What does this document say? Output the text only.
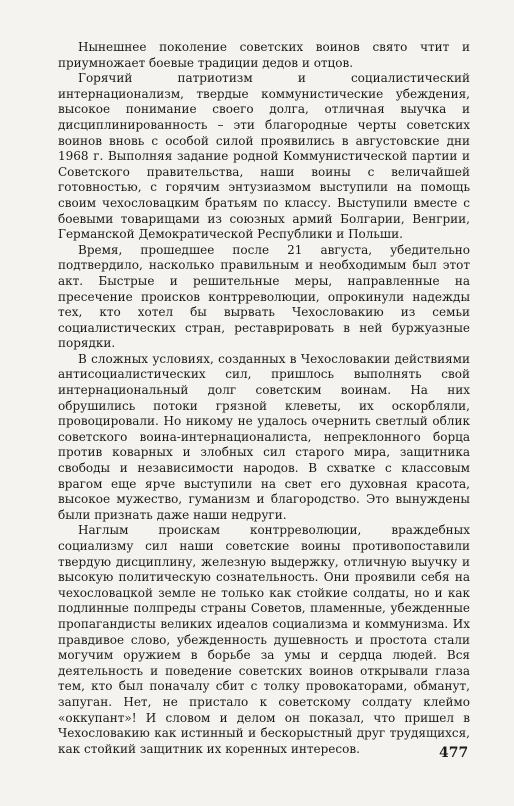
Нынешнее поколение советских воинов свято чтит и приумножает боевые традиции дедов и отцов.

Горячий патриотизм и социалистический интернационализм, твердые коммунистические убеждения, высокое понимание своего долга, отличная выучка и дисциплинированность – эти благородные черты советских воинов вновь с особой силой проявились в августовские дни 1968 г. Выполняя задание родной Коммунистической партии и Советского правительства, наши воины с величайшей готовностью, с горячим энтузиазмом выступили на помощь своим чехословацким братьям по классу. Выступили вместе с боевыми товарищами из союзных армий Болгарии, Венгрии, Германской Демократической Республики и Польши.

Время, прошедшее после 21 августа, убедительно подтвердило, насколько правильным и необходимым был этот акт. Быстрые и решительные меры, направленные на пресечение происков контрреволюции, опрокинули надежды тех, кто хотел бы вырвать Чехословакию из семьи социалистических стран, реставрировать в ней буржуазные порядки.

В сложных условиях, созданных в Чехословакии действиями антисоциалистических сил, пришлось выполнять свой интернациональный долг советским воинам. На них обрушились потоки грязной клеветы, их оскорбляли, провоцировали. Но никому не удалось очернить светлый облик советского воина-интернационалиста, непреклонного борца против коварных и злобных сил старого мира, защитника свободы и независимости народов. В схватке с классовым врагом еще ярче выступили на свет его духовная красота, высокое мужество, гуманизм и благородство. Это вынуждены были признать даже наши недруги.

Наглым проискам контрреволюции, враждебных социализму сил наши советские воины противопоставили твердую дисциплину, железную выдержку, отличную выучку и высокую политическую сознательность. Они проявили себя на чехословацкой земле не только как стойкие солдаты, но и как подлинные полпреды страны Советов, пламенные, убежденные пропагандисты великих идеалов социализма и коммунизма. Их правдивое слово, убежденность душевность и простота стали могучим оружием в борьбе за умы и сердца людей. Вся деятельность и поведение советских воинов открывали глаза тем, кто был поначалу сбит с толку провокаторами, обманут, запуган. Нет, не пристало к советскому солдату клеймо «оккупант»! И словом и делом он показал, что пришел в Чехословакию как истинный и бескорыстный друг трудящихся, как стойкий защитник их коренных интересов.	477
